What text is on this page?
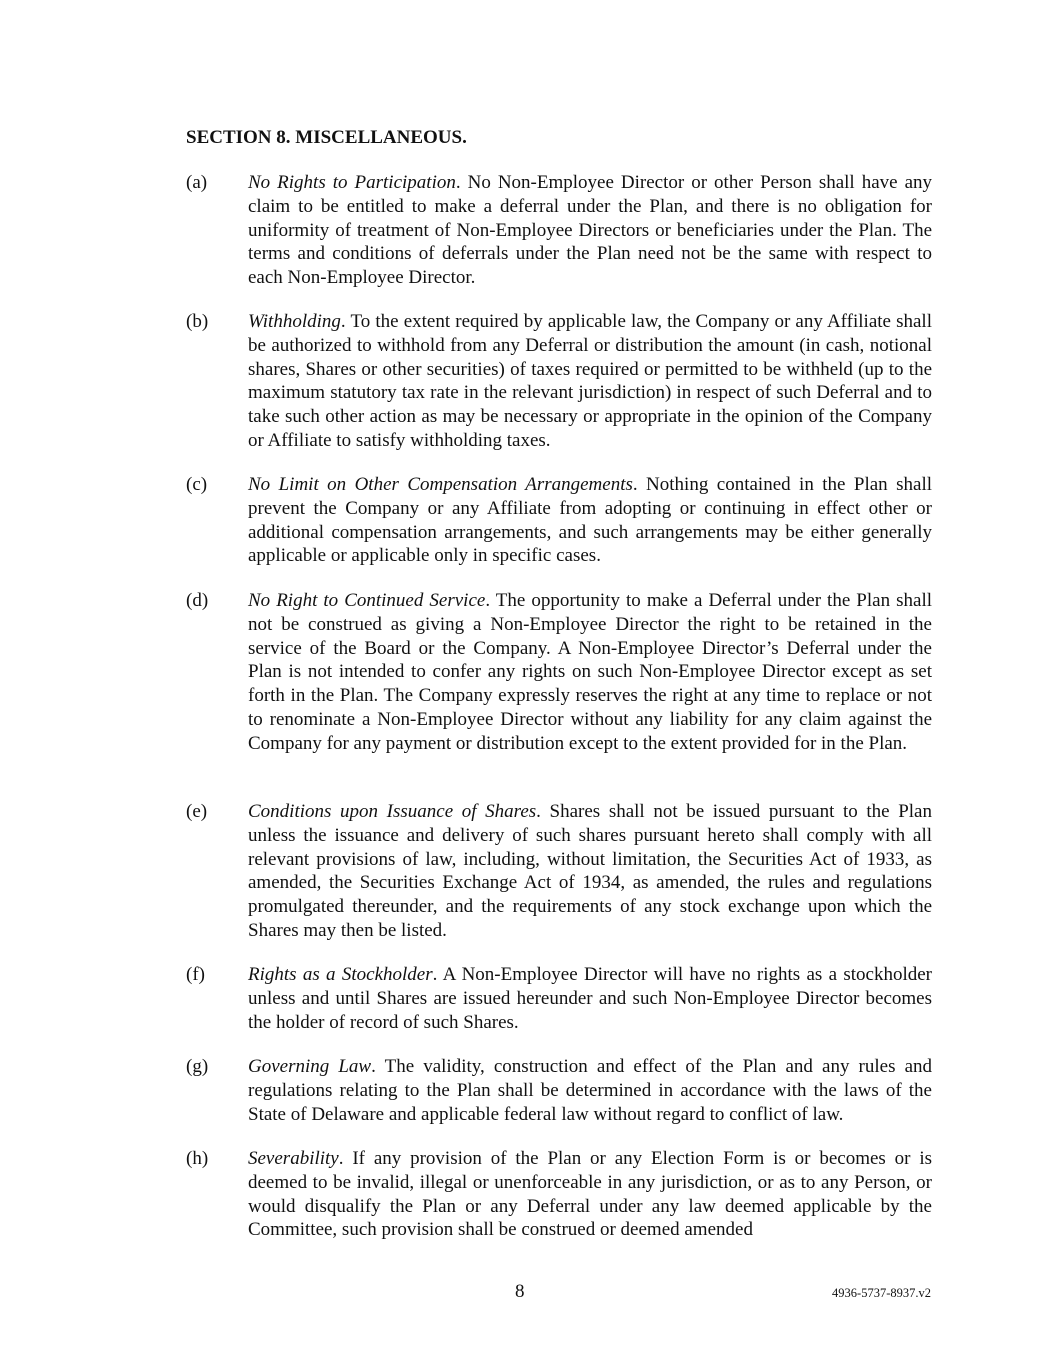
SECTION 8. MISCELLANEOUS.
(a)	No Rights to Participation. No Non-Employee Director or other Person shall have any claim to be entitled to make a deferral under the Plan, and there is no obligation for uniformity of treatment of Non-Employee Directors or beneficiaries under the Plan. The terms and conditions of deferrals under the Plan need not be the same with respect to each Non-Employee Director.
(b)	Withholding. To the extent required by applicable law, the Company or any Affiliate shall be authorized to withhold from any Deferral or distribution the amount (in cash, notional shares, Shares or other securities) of taxes required or permitted to be withheld (up to the maximum statutory tax rate in the relevant jurisdiction) in respect of such Deferral and to take such other action as may be necessary or appropriate in the opinion of the Company or Affiliate to satisfy withholding taxes.
(c)	No Limit on Other Compensation Arrangements. Nothing contained in the Plan shall prevent the Company or any Affiliate from adopting or continuing in effect other or additional compensation arrangements, and such arrangements may be either generally applicable or applicable only in specific cases.
(d)	No Right to Continued Service. The opportunity to make a Deferral under the Plan shall not be construed as giving a Non-Employee Director the right to be retained in the service of the Board or the Company. A Non-Employee Director’s Deferral under the Plan is not intended to confer any rights on such Non-Employee Director except as set forth in the Plan. The Company expressly reserves the right at any time to replace or not to renominate a Non-Employee Director without any liability for any claim against the Company for any payment or distribution except to the extent provided for in the Plan.
(e)	Conditions upon Issuance of Shares. Shares shall not be issued pursuant to the Plan unless the issuance and delivery of such shares pursuant hereto shall comply with all relevant provisions of law, including, without limitation, the Securities Act of 1933, as amended, the Securities Exchange Act of 1934, as amended, the rules and regulations promulgated thereunder, and the requirements of any stock exchange upon which the Shares may then be listed.
(f)	Rights as a Stockholder. A Non-Employee Director will have no rights as a stockholder unless and until Shares are issued hereunder and such Non-Employee Director becomes the holder of record of such Shares.
(g)	Governing Law. The validity, construction and effect of the Plan and any rules and regulations relating to the Plan shall be determined in accordance with the laws of the State of Delaware and applicable federal law without regard to conflict of law.
(h)	Severability. If any provision of the Plan or any Election Form is or becomes or is deemed to be invalid, illegal or unenforceable in any jurisdiction, or as to any Person, or would disqualify the Plan or any Deferral under any law deemed applicable by the Committee, such provision shall be construed or deemed amended
8	4936-5737-8937.v2
